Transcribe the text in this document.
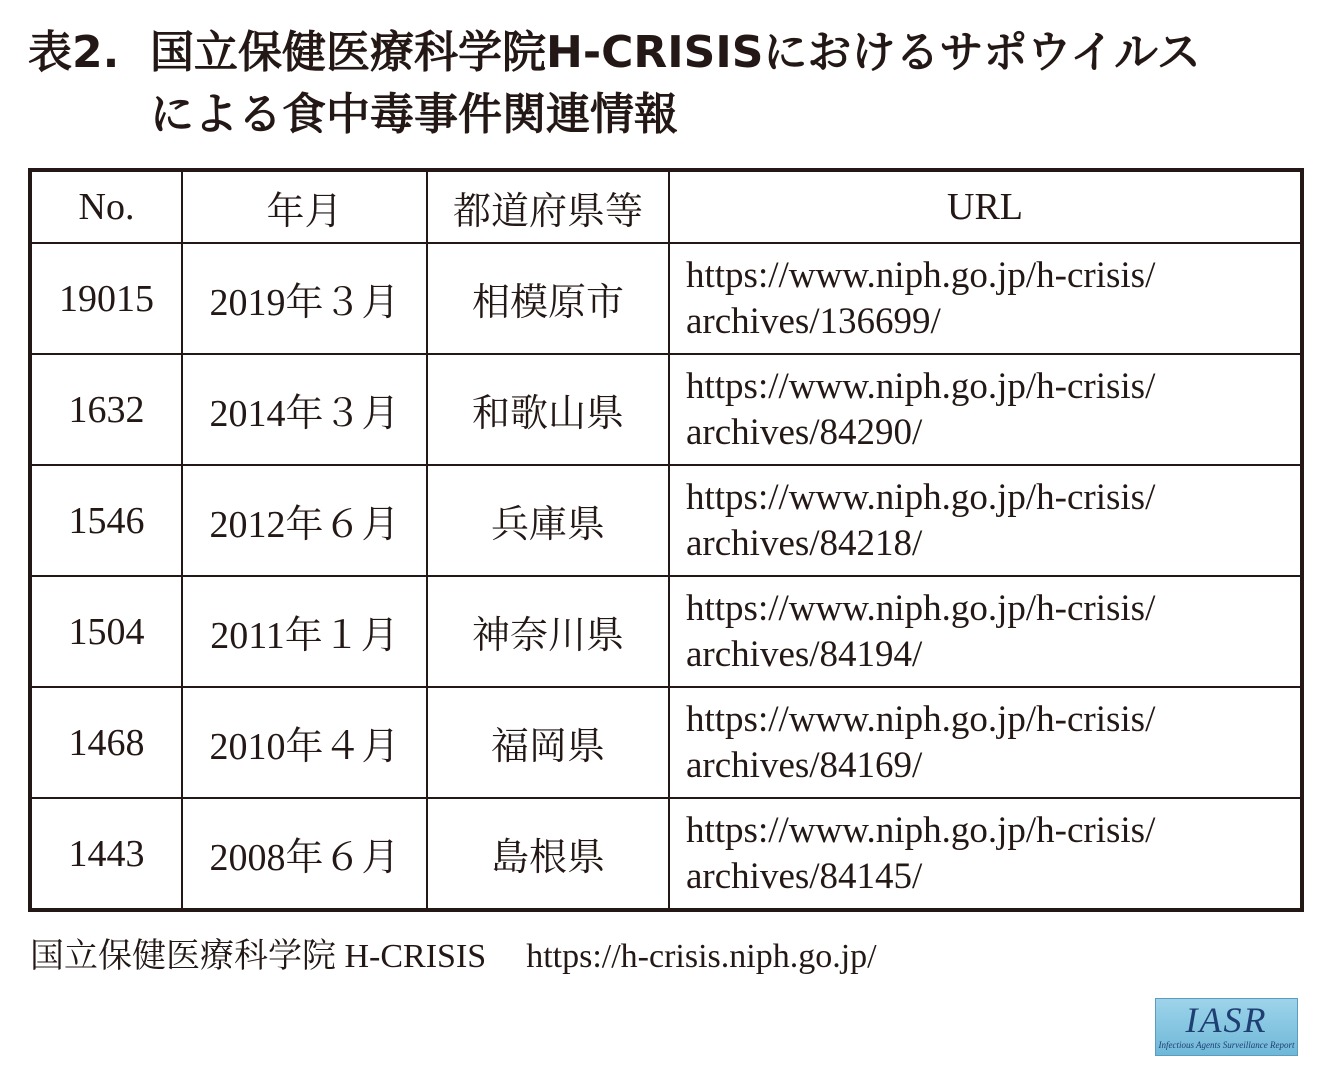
表2. 国立保健医療科学院H-CRISISにおけるサポウイルス
による食中毒事件関連情報
No.	年月	都道府県等	URL
19015	2019年３月	相模原市	https://www.niph.go.jp/h-crisis/
archives/136699/

1632	2014年３月	和歌山県	https://www.niph.go.jp/h-crisis/
archives/84290/

1546	2012年６月	兵庫県	https://www.niph.go.jp/h-crisis/
archives/84218/

1504	2011年１月	神奈川県	https://www.niph.go.jp/h-crisis/
archives/84194/

1468	2010年４月	福岡県	https://www.niph.go.jp/h-crisis/
archives/84169/

1443	2008年６月	島根県	https://www.niph.go.jp/h-crisis/
archives/84145/
国立保健医療科学院 H-CRISIS https://h-crisis.niph.go.jp/
IASR
Infectious Agents Surveillance Report
